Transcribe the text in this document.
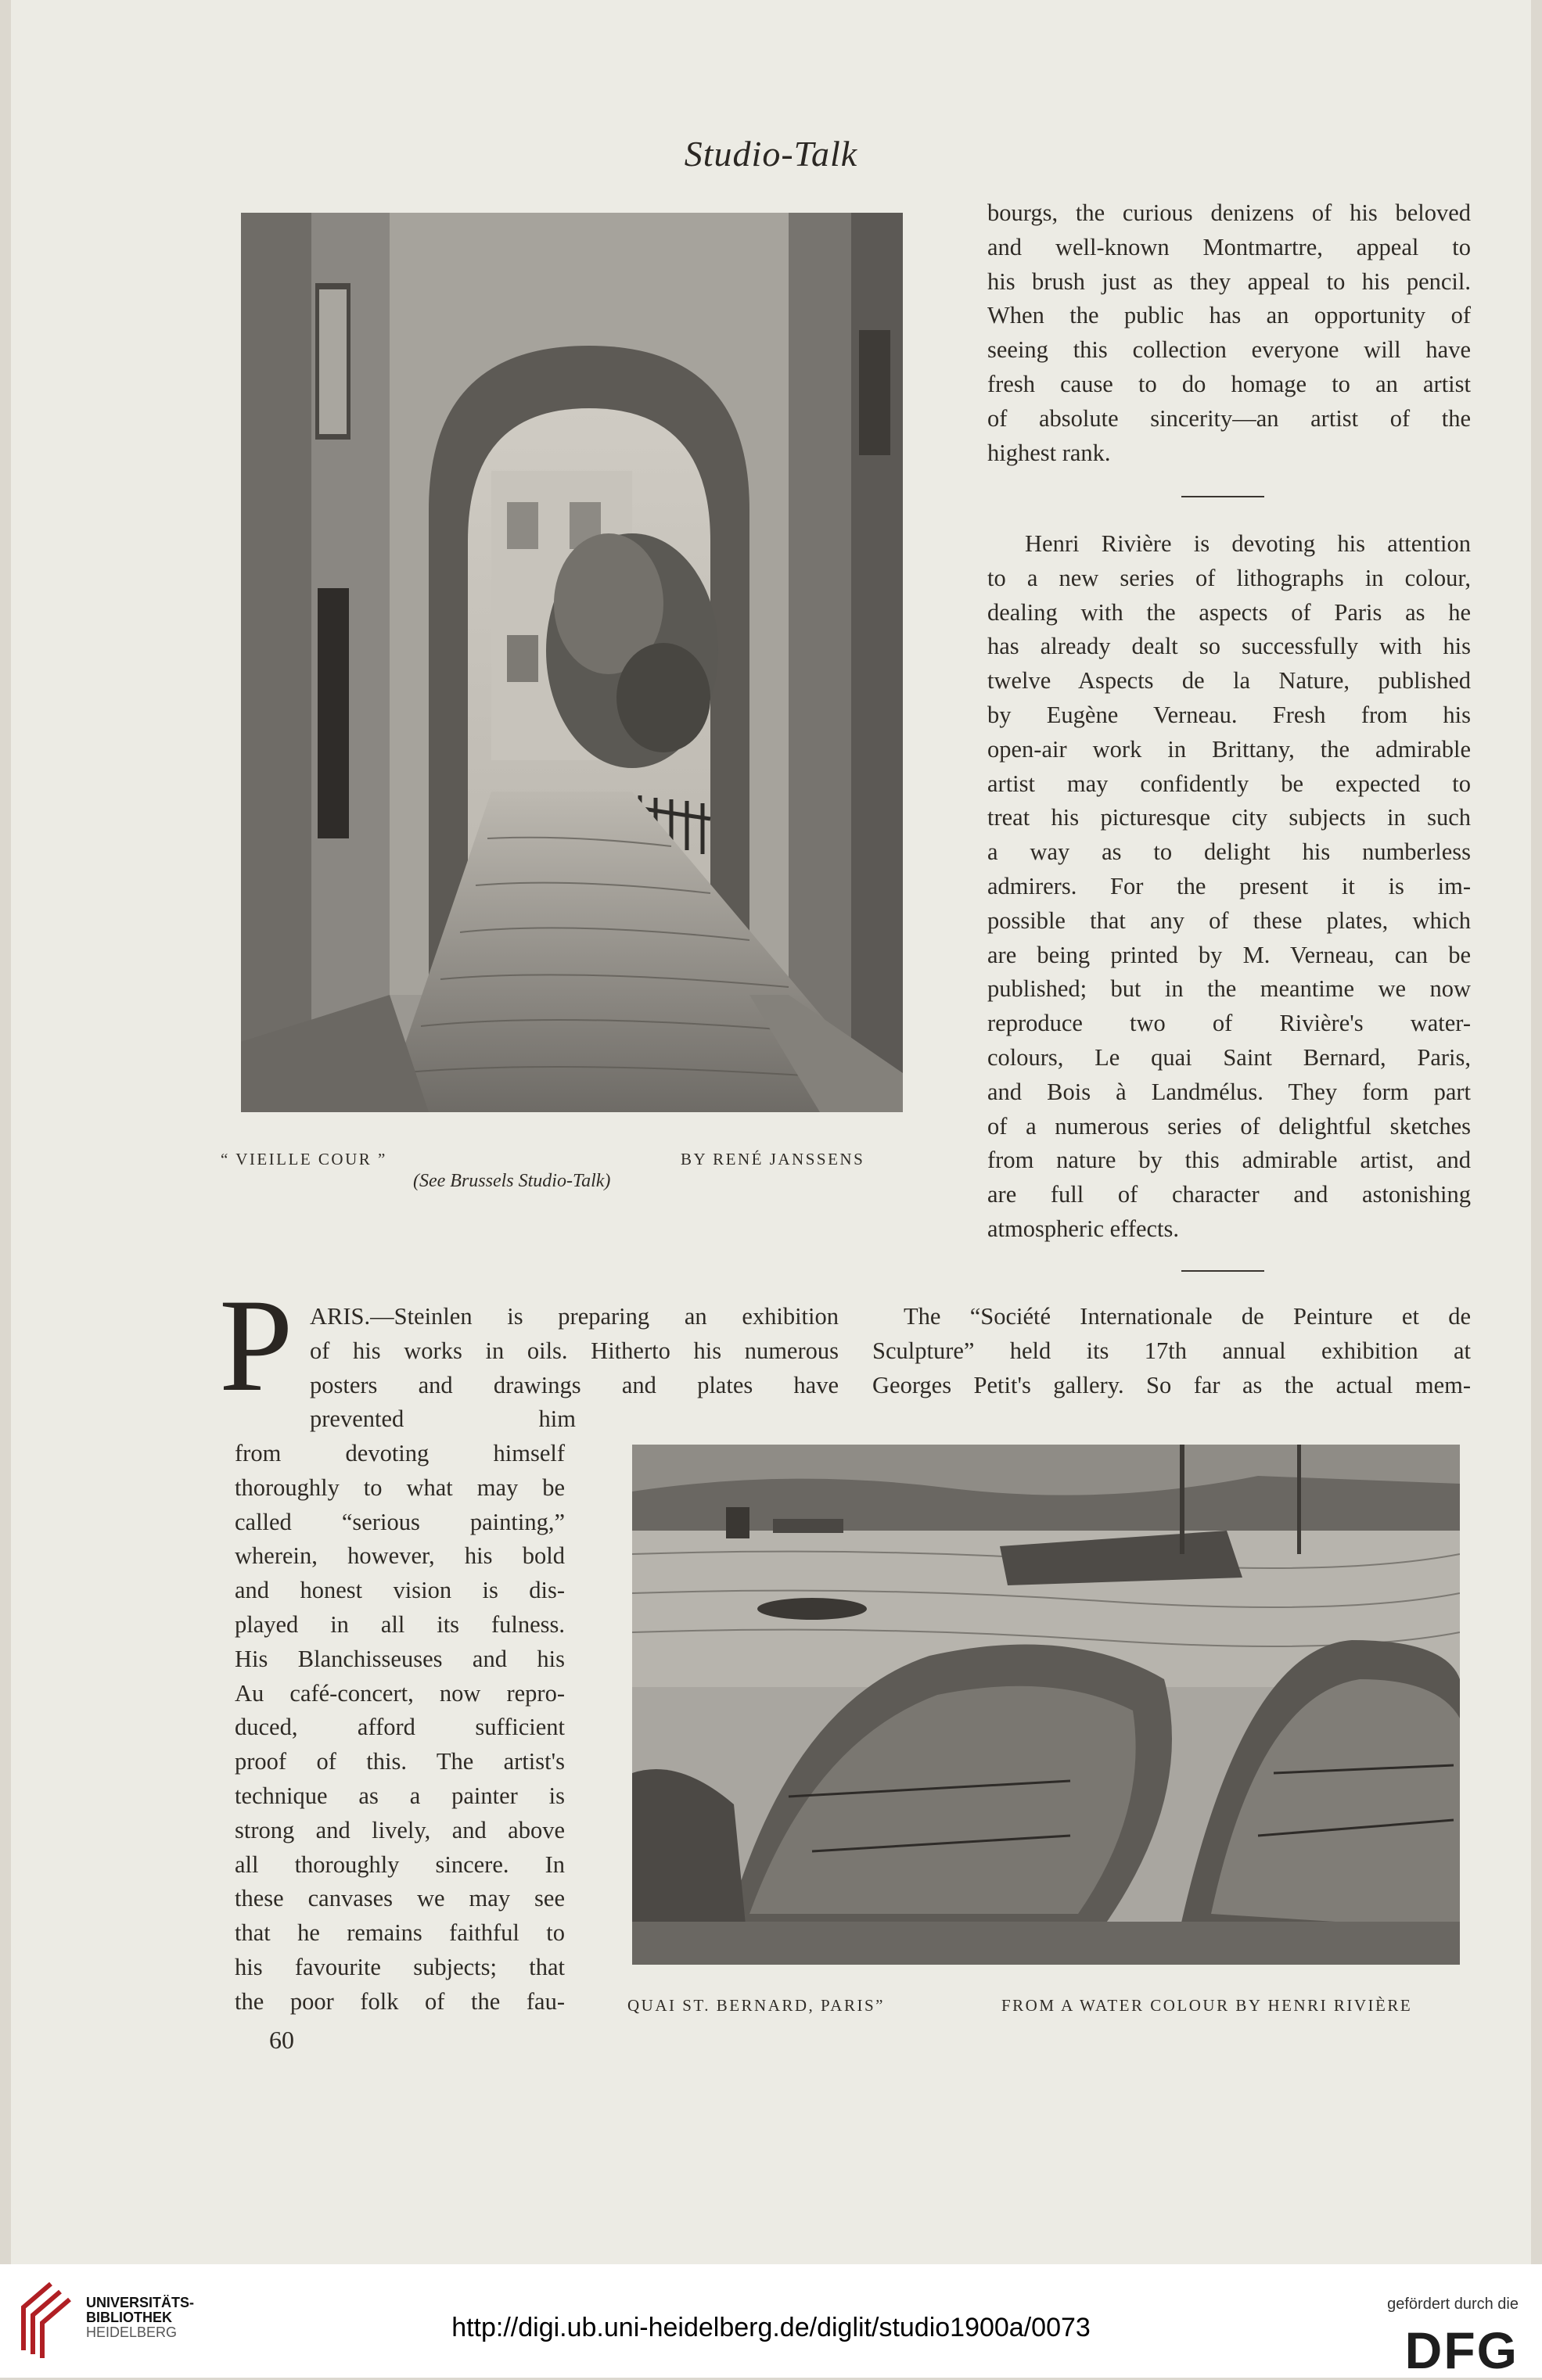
Studio-Talk
“ VIEILLE COUR ”	BY RENÉ JANSSENS
(See Brussels Studio-Talk)

bourgs, the curious denizens of his beloved
and well-known Montmartre, appeal to
his brush just as they appeal to his pencil.
When the public has an opportunity of
seeing this collection everyone will have
fresh cause to do homage to an artist
of absolute sincerity—an artist of the
highest rank.

Henri Rivière is devoting his attention
to a new series of lithographs in colour,
dealing with the aspects of Paris as he
has already dealt so successfully with his
twelve Aspects de la Nature, published
by Eugène Verneau. Fresh from his
open-air work in Brittany, the admirable
artist may confidently be expected to
treat his picturesque city subjects in such
a way as to delight his numberless
admirers. For the present it is im-
possible that any of these plates, which
are being printed by M. Verneau, can be
published; but in the meantime we now
reproduce two of Rivière's water-
colours, Le quai Saint Bernard, Paris,
and Bois à Landmélus. They form part
of a numerous series of delightful sketches
from nature by this admirable artist, and
are full of character and astonishing
atmospheric effects.

P ARIS.—Steinlen is preparing an exhibition
of his works in oils. Hitherto his numerous
posters and drawings and plates have
prevented him
from devoting himself
thoroughly to what may be
called “serious painting,”
wherein, however, his bold
and honest vision is dis-
played in all its fulness.
His Blanchisseuses and his
Au café-concert, now repro-
duced, afford sufficient
proof of this. The artist's
technique as a painter is
strong and lively, and above
all thoroughly sincere. In
these canvases we may see
that he remains faithful to
his favourite subjects; that
the poor folk of the fau-
60
The “Société Internationale de Peinture et de
Sculpture” held its 17th annual exhibition at
Georges Petit's gallery. So far as the actual mem-
QUAI ST. BERNARD, PARIS”	FROM A WATER COLOUR BY HENRI RIVIÈRE
UNIVERSITÄTS-
BIBLIOTHEK
HEIDELBERG	http://digi.ub.uni-heidelberg.de/diglit/studio1900a/0073
gefördert durch die
DFG
